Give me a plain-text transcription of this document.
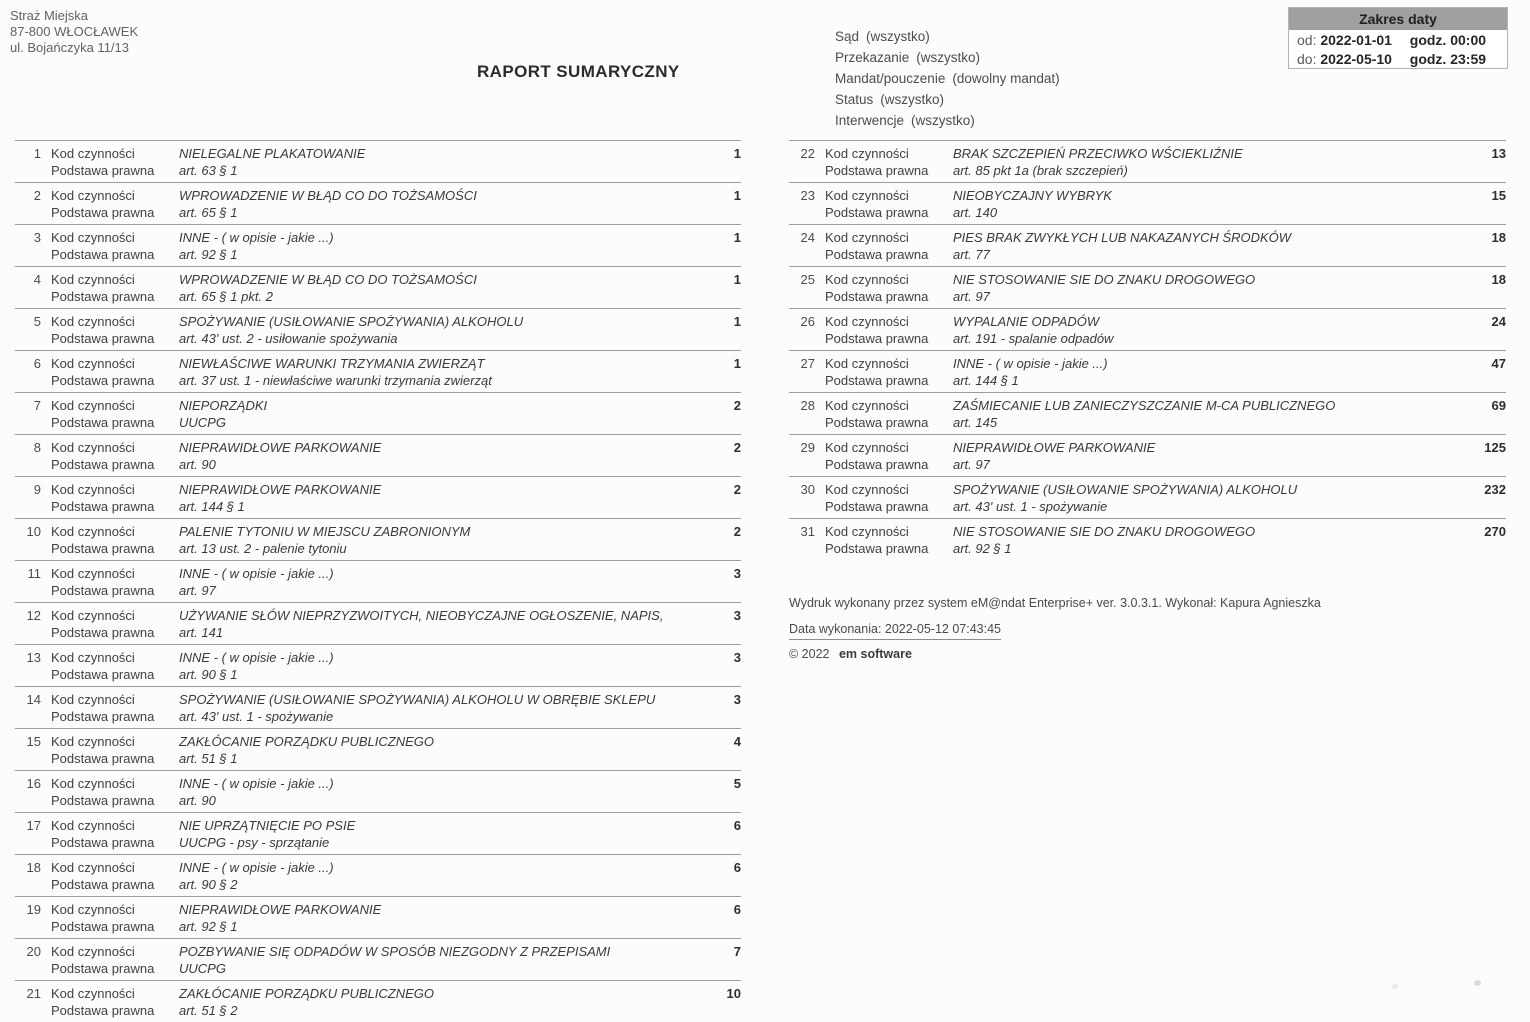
Straż Miejska
87-800 WŁOCŁAWEK
ul. Bojańczyka 11/13
RAPORT SUMARYCZNY
Sąd (wszystko)
Przekazanie (wszystko)
Mandat/pouczenie (dowolny mandat)
Status (wszystko)
Interwencje (wszystko)
Zakres daty
od: 2022-01-01 godz. 00:00
do: 2022-05-10 godz. 23:59
1 Kod czynności	NIELEGALNE PLAKATOWANIE	1
Podstawa prawna	art. 63 § 1
2 Kod czynności	WPROWADZENIE W BŁĄD CO DO TOŻSAMOŚCI	1
Podstawa prawna	art. 65 § 1
3 Kod czynności	INNE - ( w opisie - jakie ...)	1
Podstawa prawna	art. 92 § 1
4 Kod czynności	WPROWADZENIE W BŁĄD CO DO TOŻSAMOŚCI	1
Podstawa prawna	art. 65 § 1 pkt. 2
5 Kod czynności	SPOŻYWANIE (USIŁOWANIE SPOŻYWANIA) ALKOHOLU	1
Podstawa prawna	art. 43' ust. 2 - usiłowanie spożywania
6 Kod czynności	NIEWŁAŚCIWE WARUNKI TRZYMANIA ZWIERZĄT	1
Podstawa prawna	art. 37 ust. 1 - niewłaściwe warunki trzymania zwierząt
7 Kod czynności	NIEPORZĄDKI	2
Podstawa prawna	UUCPG
8 Kod czynności	NIEPRAWIDŁOWE PARKOWANIE	2
Podstawa prawna	art. 90
9 Kod czynności	NIEPRAWIDŁOWE PARKOWANIE	2
Podstawa prawna	art. 144 § 1
10 Kod czynności	PALENIE TYTONIU W MIEJSCU ZABRONIONYM	2
Podstawa prawna	art. 13 ust. 2 - palenie tytoniu
11 Kod czynności	INNE - ( w opisie - jakie ...)	3
Podstawa prawna	art. 97
12 Kod czynności	UŻYWANIE SŁÓW NIEPRZYZWOITYCH, NIEOBYCZAJNE OGŁOSZENIE, NAPIS,	3
Podstawa prawna	art. 141
13 Kod czynności	INNE - ( w opisie - jakie ...)	3
Podstawa prawna	art. 90 § 1
14 Kod czynności	SPOŻYWANIE (USIŁOWANIE SPOŻYWANIA) ALKOHOLU W OBRĘBIE SKLEPU	3
Podstawa prawna	art. 43' ust. 1 - spożywanie
15 Kod czynności	ZAKŁÓCANIE PORZĄDKU PUBLICZNEGO	4
Podstawa prawna	art. 51 § 1
16 Kod czynności	INNE - ( w opisie - jakie ...)	5
Podstawa prawna	art. 90
17 Kod czynności	NIE UPRZĄTNIĘCIE PO PSIE	6
Podstawa prawna	UUCPG - psy - sprzątanie
18 Kod czynności	INNE - ( w opisie - jakie ...)	6
Podstawa prawna	art. 90 § 2
19 Kod czynności	NIEPRAWIDŁOWE PARKOWANIE	6
Podstawa prawna	art. 92 § 1
20 Kod czynności	POZBYWANIE SIĘ ODPADÓW W SPOSÓB NIEZGODNY Z PRZEPISAMI	7
Podstawa prawna	UUCPG
21 Kod czynności	ZAKŁÓCANIE PORZĄDKU PUBLICZNEGO	10
Podstawa prawna	art. 51 § 2
22 Kod czynności	BRAK SZCZEPIEŃ PRZECIWKO WŚCIEKLIŹNIE	13
Podstawa prawna	art. 85 pkt 1a (brak szczepień)
23 Kod czynności	NIEOBYCZAJNY WYBRYK	15
Podstawa prawna	art. 140
24 Kod czynności	PIES BRAK ZWYKŁYCH LUB NAKAZANYCH ŚRODKÓW	18
Podstawa prawna	art. 77
25 Kod czynności	NIE STOSOWANIE SIE DO ZNAKU DROGOWEGO	18
Podstawa prawna	art. 97
26 Kod czynności	WYPALANIE ODPADÓW	24
Podstawa prawna	art. 191 - spalanie odpadów
27 Kod czynności	INNE - ( w opisie - jakie ...)	47
Podstawa prawna	art. 144 § 1
28 Kod czynności	ZAŚMIECANIE LUB ZANIECZYSZCZANIE M-CA PUBLICZNEGO	69
Podstawa prawna	art. 145
29 Kod czynności	NIEPRAWIDŁOWE PARKOWANIE	125
Podstawa prawna	art. 97
30 Kod czynności	SPOŻYWANIE (USIŁOWANIE SPOŻYWANIA) ALKOHOLU	232
Podstawa prawna	art. 43' ust. 1 - spożywanie
31 Kod czynności	NIE STOSOWANIE SIE DO ZNAKU DROGOWEGO	270
Podstawa prawna	art. 92 § 1
Wydruk wykonany przez system eM@ndat Enterprise+ ver. 3.0.3.1. Wykonał: Kapura Agnieszka
Data wykonania: 2022-05-12 07:43:45
© 2022 em software
